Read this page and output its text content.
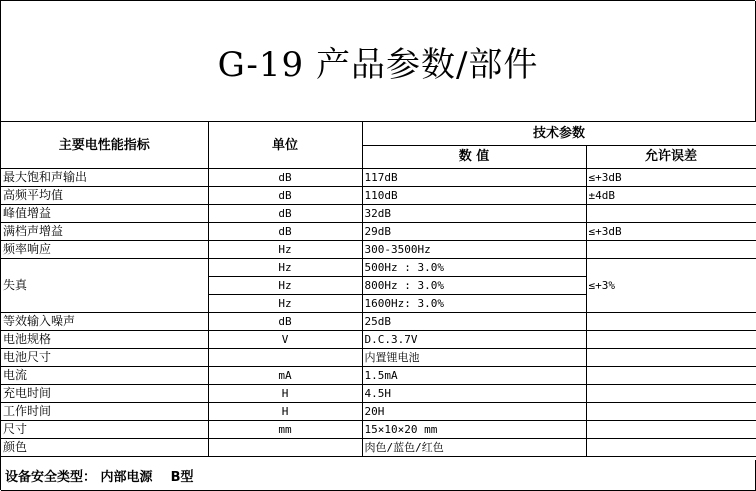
G-19 产品参数/部件
主要电性能指标	单位	技术参数	
		数 值	允许误差
最大饱和声输出	dB	117dB	≤+3dB
高频平均值	dB	110dB	±4dB
峰值增益	dB	32dB	
满档声增益	dB	29dB	≤+3dB
频率响应	Hz	300-3500Hz	
失真	Hz	500Hz : 3.0%	≤+3%
	Hz	800Hz : 3.0%	
	Hz	1600Hz: 3.0%	
等效输入噪声	dB	25dB	
电池规格	V	D.C.3.7V	
电池尺寸		内置锂电池	
电流	mA	1.5mA	
充电时间	H	4.5H	
工作时间	H	20H	
尺寸	mm	15×10×20 mm	
颜色		肉色/蓝色/红色	
设备安全类型： 内部电源    B型
